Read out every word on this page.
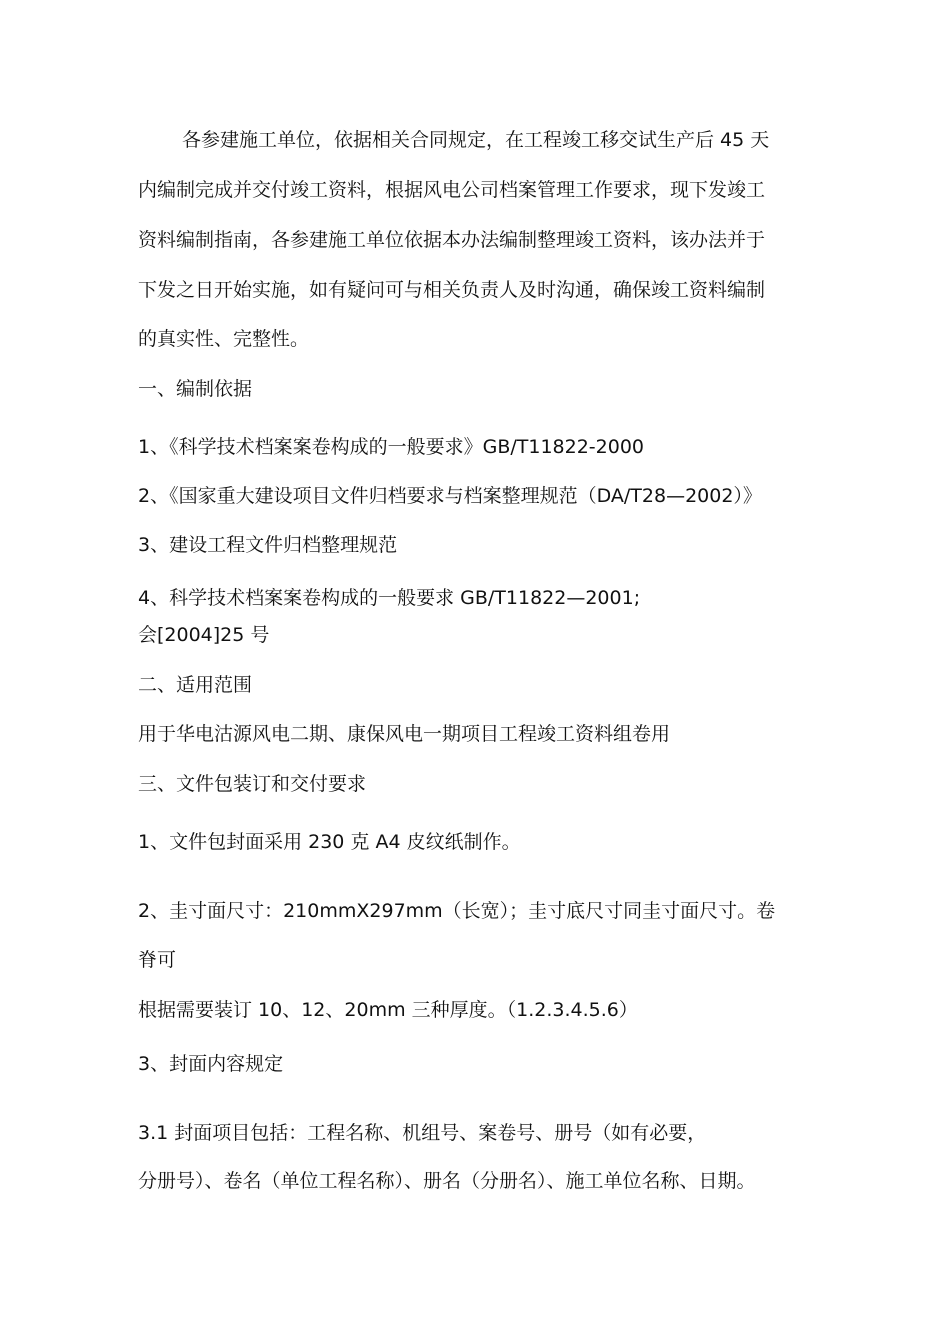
各参建施工单位，依据相关合同规定，在工程竣工移交试生产后 45 天
内编制完成并交付竣工资料，根据风电公司档案管理工作要求，现下发竣工
资料编制指南，各参建施工单位依据本办法编制整理竣工资料，该办法并于
下发之日开始实施，如有疑问可与相关负责人及时沟通，确保竣工资料编制
的真实性、完整性。
一、编制依据
1、《科学技术档案案卷构成的一般要求》GB/T11822-2000
2、《国家重大建设项目文件归档要求与档案整理规范（DA/T28—2002）》
3、建设工程文件归档整理规范
4、科学技术档案案卷构成的一般要求 GB/T11822—2001;
会[2004]25 号
二、适用范围
用于华电沽源风电二期、康保风电一期项目工程竣工资料组卷用
三、文件包装订和交付要求
1、文件包封面采用 230 克 A4 皮纹纸制作。
2、圭寸面尺寸：210mmX297mm（长宽）；圭寸底尺寸同圭寸面尺寸。卷
脊可
根据需要装订 10、12、20mm 三种厚度。（1.2.3.4.5.6）
3、封面内容规定
3.1 封面项目包括：工程名称、机组号、案卷号、册号（如有必要，
分册号）、卷名（单位工程名称）、册名（分册名）、施工单位名称、日期。
